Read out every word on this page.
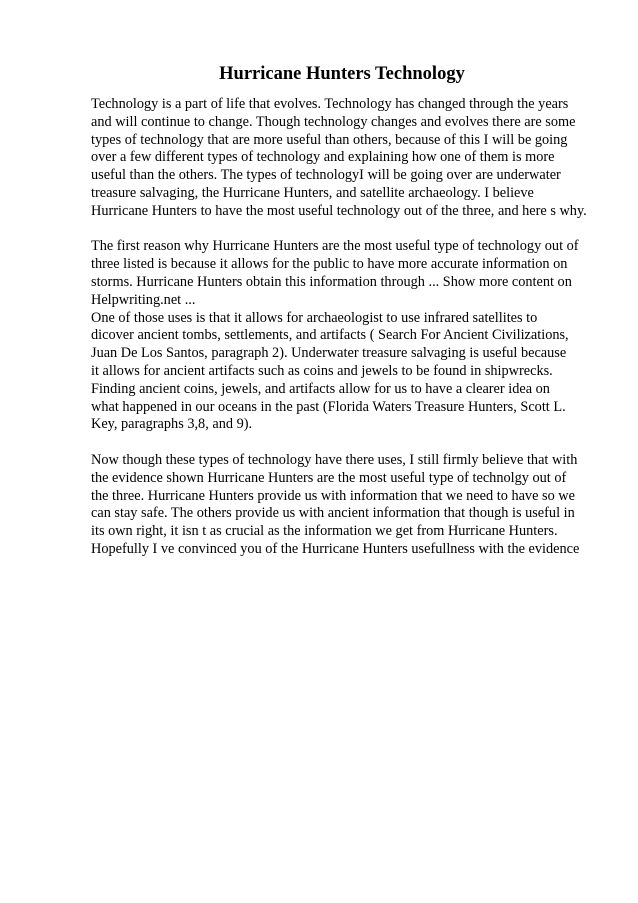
Hurricane Hunters Technology
Technology is a part of life that evolves. Technology has changed through the years
and will continue to change. Though technology changes and evolves there are some
types of technology that are more useful than others, because of this I will be going
over a few different types of technology and explaining how one of them is more
useful than the others. The types of technologyI will be going over are underwater
treasure salvaging, the Hurricane Hunters, and satellite archaeology. I believe
Hurricane Hunters to have the most useful technology out of the three, and here s why.
The first reason why Hurricane Hunters are the most useful type of technology out of
three listed is because it allows for the public to have more accurate information on
storms. Hurricane Hunters obtain this information through ... Show more content on
Helpwriting.net ...
One of those uses is that it allows for archaeologist to use infrared satellites to
dicover ancient tombs, settlements, and artifacts ( Search For Ancient Civilizations,
Juan De Los Santos, paragraph 2). Underwater treasure salvaging is useful because
it allows for ancient artifacts such as coins and jewels to be found in shipwrecks.
Finding ancient coins, jewels, and artifacts allow for us to have a clearer idea on
what happened in our oceans in the past (Florida Waters Treasure Hunters, Scott L.
Key, paragraphs 3,8, and 9).
Now though these types of technology have there uses, I still firmly believe that with
the evidence shown Hurricane Hunters are the most useful type of technolgy out of
the three. Hurricane Hunters provide us with information that we need to have so we
can stay safe. The others provide us with ancient information that though is useful in
its own right, it isn t as crucial as the information we get from Hurricane Hunters.
Hopefully I ve convinced you of the Hurricane Hunters usefullness with the evidence
